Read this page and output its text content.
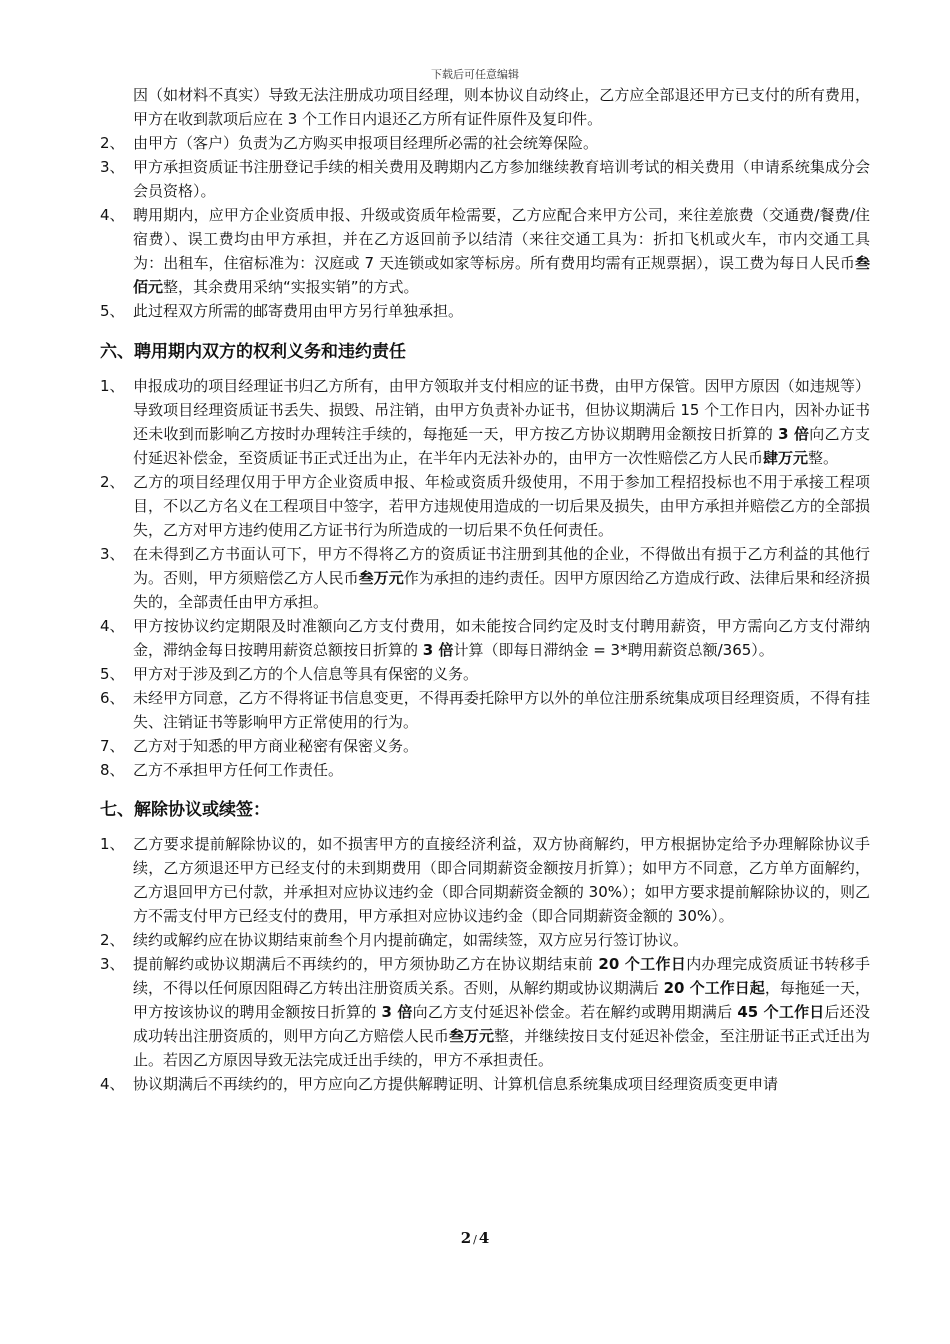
下载后可任意编辑
因（如材料不真实）导致无法注册成功项目经理，则本协议自动终止，乙方应全部退还甲方已支付的所有费用，甲方在收到款项后应在 3 个工作日内退还乙方所有证件原件及复印件。
2、 由甲方（客户）负责为乙方购买申报项目经理所必需的社会统筹保险。
3、 甲方承担资质证书注册登记手续的相关费用及聘期内乙方参加继续教育培训考试的相关费用（申请系统集成分会会员资格）。
4、 聘用期内，应甲方企业资质申报、升级或资质年检需要，乙方应配合来甲方公司，来往差旅费（交通费/餐费/住宿费）、误工费均由甲方承担，并在乙方返回前予以结清（来往交通工具为：折扣飞机或火车，市内交通工具为：出租车，住宿标准为：汉庭或 7 天连锁或如家等标房。所有费用均需有正规票据），误工费为每日人民币叁佰元整，其余费用采纳“实报实销”的方式。
5、 此过程双方所需的邮寄费用由甲方另行单独承担。
六、聘用期内双方的权利义务和违约责任
1、 申报成功的项目经理证书归乙方所有，由甲方领取并支付相应的证书费，由甲方保管。因甲方原因（如违规等）导致项目经理资质证书丢失、损毁、吊注销，由甲方负责补办证书，但协议期满后 15 个工作日内，因补办证书还未收到而影响乙方按时办理转注手续的，每拖延一天，甲方按乙方协议期聘用金额按日折算的 3 倍向乙方支付延迟补偿金，至资质证书正式迁出为止，在半年内无法补办的，由甲方一次性赔偿乙方人民币肆万元整。
2、 乙方的项目经理仅用于甲方企业资质申报、年检或资质升级使用，不用于参加工程招投标也不用于承接工程项目，不以乙方名义在工程项目中签字，若甲方违规使用造成的一切后果及损失，由甲方承担并赔偿乙方的全部损失，乙方对甲方违约使用乙方证书行为所造成的一切后果不负任何责任。
3、 在未得到乙方书面认可下，甲方不得将乙方的资质证书注册到其他的企业，不得做出有损于乙方利益的其他行为。否则，甲方须赔偿乙方人民币叁万元作为承担的违约责任。因甲方原因给乙方造成行政、法律后果和经济损失的，全部责任由甲方承担。
4、 甲方按协议约定期限及时准额向乙方支付费用，如未能按合同约定及时支付聘用薪资，甲方需向乙方支付滞纳金，滞纳金每日按聘用薪资总额按日折算的 3 倍计算（即每日滞纳金 = 3*聘用薪资总额/365）。
5、 甲方对于涉及到乙方的个人信息等具有保密的义务。
6、 未经甲方同意，乙方不得将证书信息变更，不得再委托除甲方以外的单位注册系统集成项目经理资质，不得有挂失、注销证书等影响甲方正常使用的行为。
7、 乙方对于知悉的甲方商业秘密有保密义务。
8、 乙方不承担甲方任何工作责任。
七、解除协议或续签：
1、 乙方要求提前解除协议的，如不损害甲方的直接经济利益，双方协商解约，甲方根据协定给予办理解除协议手续，乙方须退还甲方已经支付的未到期费用（即合同期薪资金额按月折算）；如甲方不同意，乙方单方面解约，乙方退回甲方已付款，并承担对应协议违约金（即合同期薪资金额的 30%）；如甲方要求提前解除协议的，则乙方不需支付甲方已经支付的费用，甲方承担对应协议违约金（即合同期薪资金额的 30%）。
2、 续约或解约应在协议期结束前叁个月内提前确定，如需续签，双方应另行签订协议。
3、 提前解约或协议期满后不再续约的，甲方须协助乙方在协议期结束前 20 个工作日内办理完成资质证书转移手续，不得以任何原因阻碍乙方转出注册资质关系。否则，从解约期或协议期满后 20 个工作日起，每拖延一天，甲方按该协议的聘用金额按日折算的 3 倍向乙方支付延迟补偿金。若在解约或聘用期满后 45 个工作日后还没成功转出注册资质的，则甲方向乙方赔偿人民币叁万元整，并继续按日支付延迟补偿金，至注册证书正式迁出为止。若因乙方原因导致无法完成迁出手续的，甲方不承担责任。
4、 协议期满后不再续约的，甲方应向乙方提供解聘证明、计算机信息系统集成项目经理资质变更申请
2 / 4
